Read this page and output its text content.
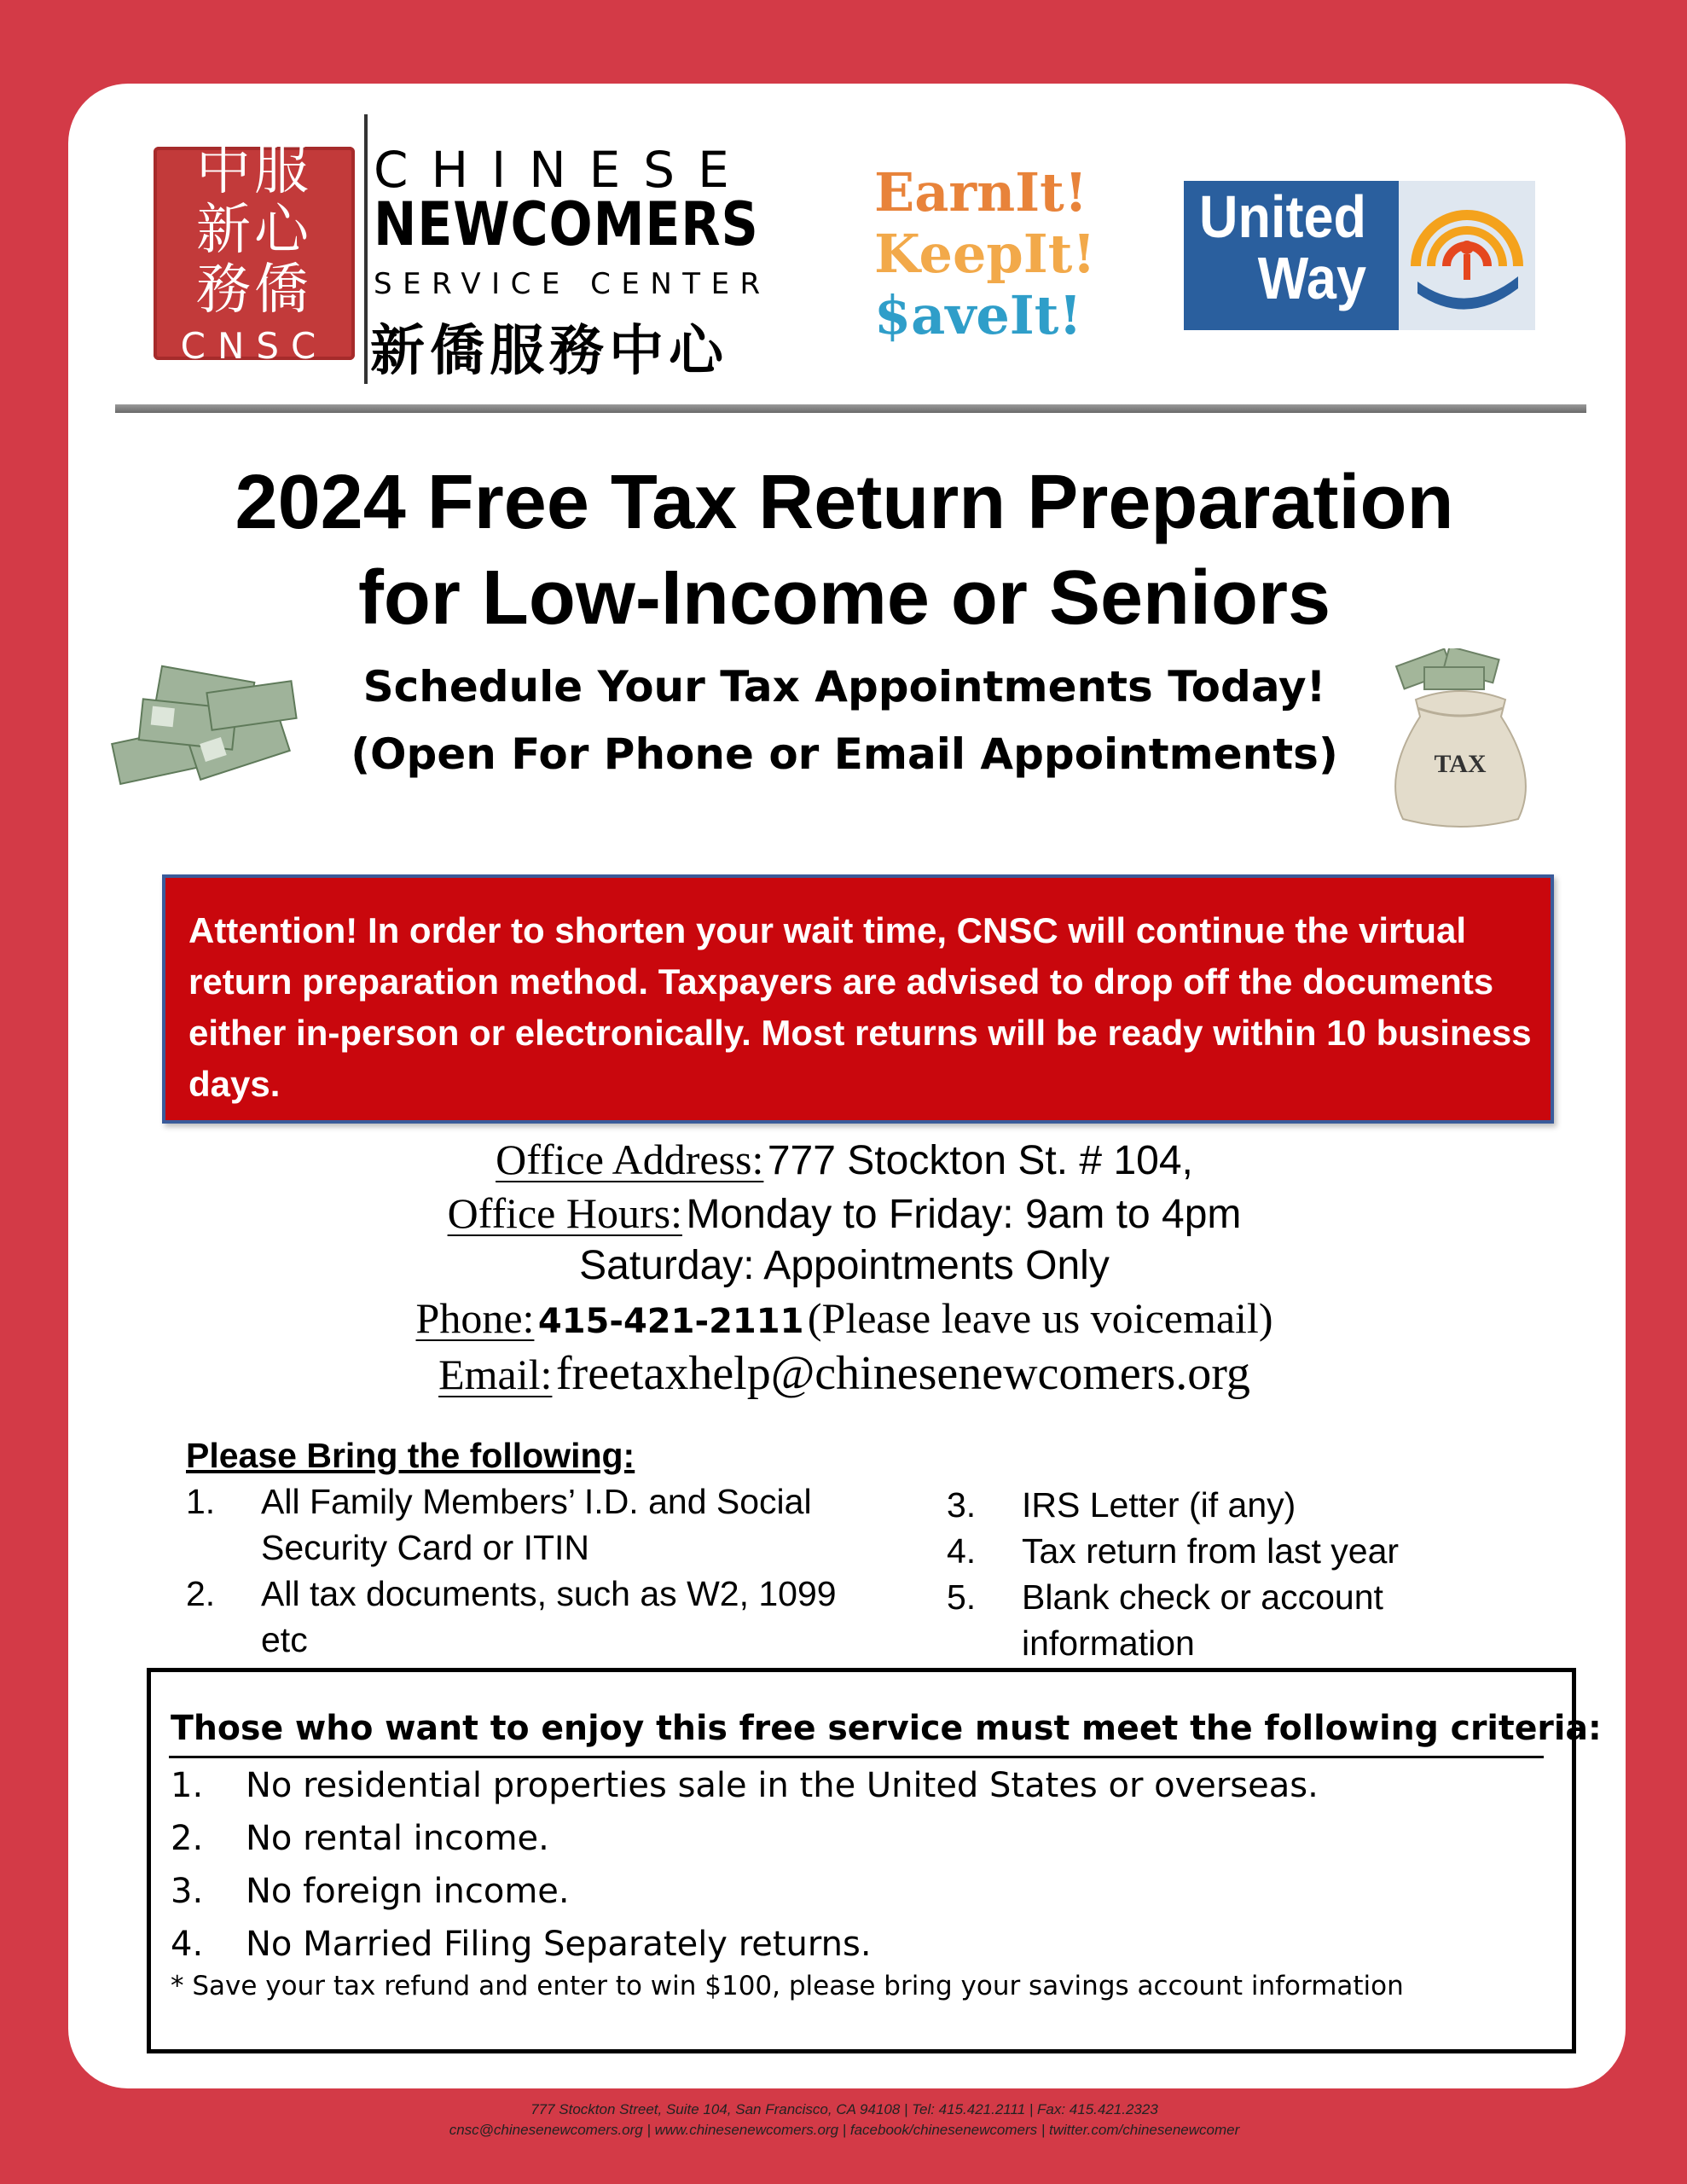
中服新心務僑
CNSC
CHINESE
NEWCOMERS
SERVICE CENTER
新僑服務中心
EarnIt!
KeepIt!
$aveIt!
United Way
2024 Free Tax Return Preparation
for Low-Income or Seniors
Schedule Your Tax Appointments Today!
(Open For Phone or Email Appointments)	TAX
Attention! In order to shorten your wait time, CNSC will continue the virtual return preparation method. Taxpayers are advised to drop off the documents either in-person or electronically. Most returns will be ready within 10 business days.
Office Address: 777 Stockton St. # 104,
Office Hours: Monday to Friday: 9am to 4pm
Saturday: Appointments Only
Phone: 415-421-2111 (Please leave us voicemail)
Email: freetaxhelp@chinesenewcomers.org
Please Bring the following:
1. All Family Members’ I.D. and Social Security Card or ITIN
2. All tax documents, such as W2, 1099 etc
3. IRS Letter (if any)
4. Tax return from last year
5. Blank check or account information
Those who want to enjoy this free service must meet the following criteria:
1. No residential properties sale in the United States or overseas.
2. No rental income.
3. No foreign income.
4. No Married Filing Separately returns.
* Save your tax refund and enter to win $100, please bring your savings account information
777 Stockton Street, Suite 104, San Francisco, CA 94108 | Tel: 415.421.2111 | Fax: 415.421.2323
cnsc@chinesenewcomers.org | www.chinesenewcomers.org | facebook/chinesenewcomers | twitter.com/chinesenewcomer
